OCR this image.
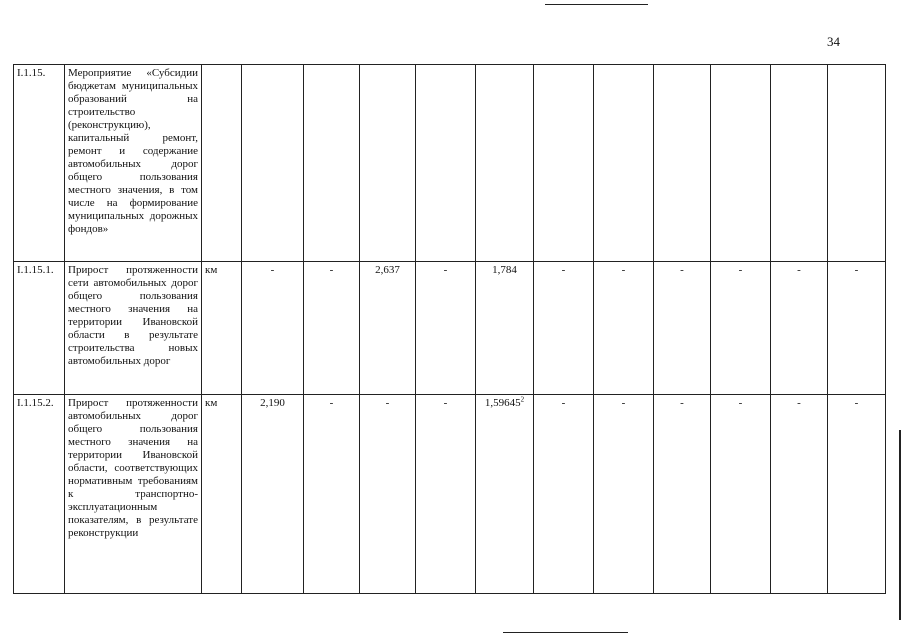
34
I.1.15.	Мероприятие «Субсидии бюджетам муниципальных образований на строительство (реконструкцию), капитальный ремонт, ремонт и содержание автомобильных дорог общего пользования местного значения, в том числе на формирование муниципальных дорожных фондов»												
I.1.15.1.	Прирост протяженности сети автомобильных дорог общего пользования местного значения на территории Ивановской области в результате строительства новых автомобильных дорог	км	-	-	2,637	-	1,784	-	-	-	-	-	-
I.1.15.2.	Прирост протяженности автомобильных дорог общего пользования местного значения на территории Ивановской области, соответствующих нормативным требованиям к транспортно-эксплуатационным показателям, в результате реконструкции	км	2,190	-	-	-	1,59645$^2$	-	-	-	-	-	-
